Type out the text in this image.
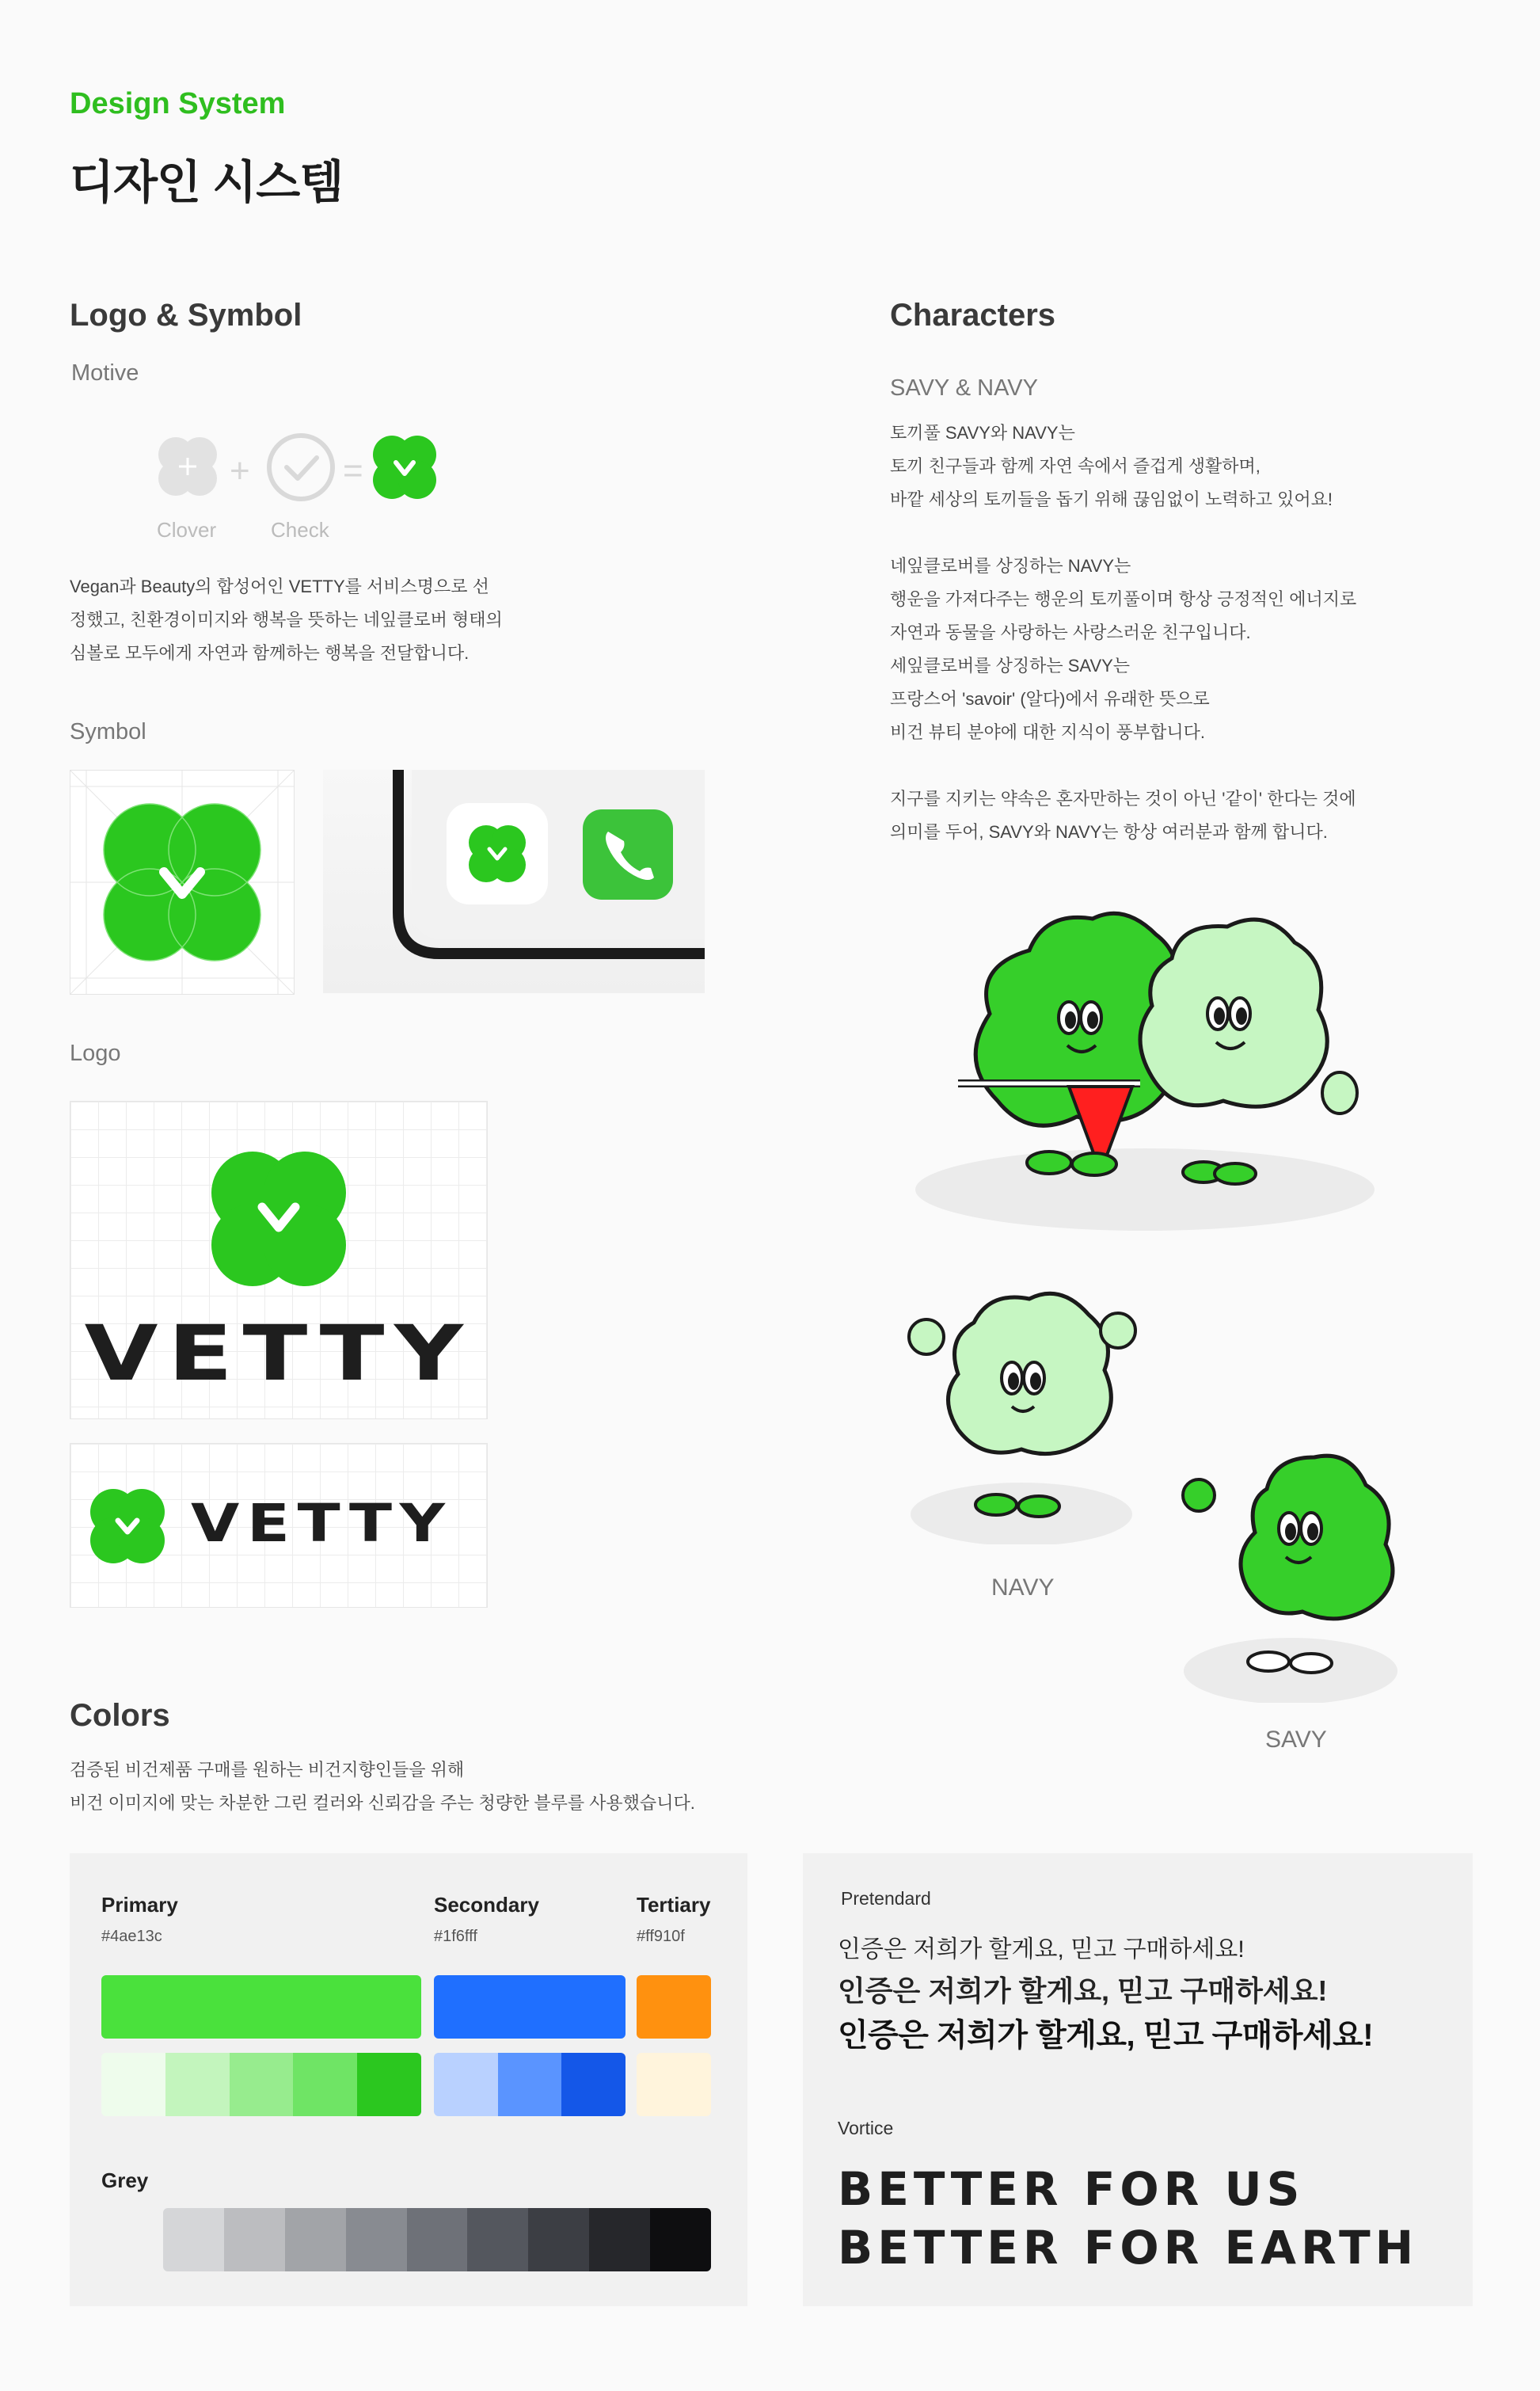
Design System
디자인 시스템
Logo & Symbol
Motive
+	=
Clover	Check
Vegan과 Beauty의 합성어인 VETTY를 서비스명으로 선
정했고, 친환경이미지와 행복을 뜻하는 네잎클로버 형태의
심볼로 모두에게 자연과 함께하는 행복을 전달합니다.
Symbol
Logo
VETTY
VETTY
Characters
SAVY & NAVY
토끼풀 SAVY와 NAVY는
토끼 친구들과 함께 자연 속에서 즐겁게 생활하며,
바깥 세상의 토끼들을 돕기 위해 끊임없이 노력하고 있어요!
네잎클로버를 상징하는 NAVY는
행운을 가져다주는 행운의 토끼풀이며 항상 긍정적인 에너지로
자연과 동물을 사랑하는 사랑스러운 친구입니다.
세잎클로버를 상징하는 SAVY는
프랑스어 'savoir' (알다)에서 유래한 뜻으로
비건 뷰티 분야에 대한 지식이 풍부합니다.
지구를 지키는 약속은 혼자만하는 것이 아닌 '같이' 한다는 것에
의미를 두어, SAVY와 NAVY는 항상 여러분과 함께 합니다.
NAVY
SAVY
Colors
검증된 비건제품 구매를 원하는 비건지향인들을 위해
비건 이미지에 맞는 차분한 그린 컬러와 신뢰감을 주는 청량한 블루를 사용했습니다.
Primary
#4ae13c
Secondary
#1f6fff
Tertiary
#ff910f
Grey
Pretendard
인증은 저희가 할게요, 믿고 구매하세요!
인증은 저희가 할게요, 믿고 구매하세요!
인증은 저희가 할게요, 믿고 구매하세요!
Vortice
BETTER FOR US
BETTER FOR EARTH
